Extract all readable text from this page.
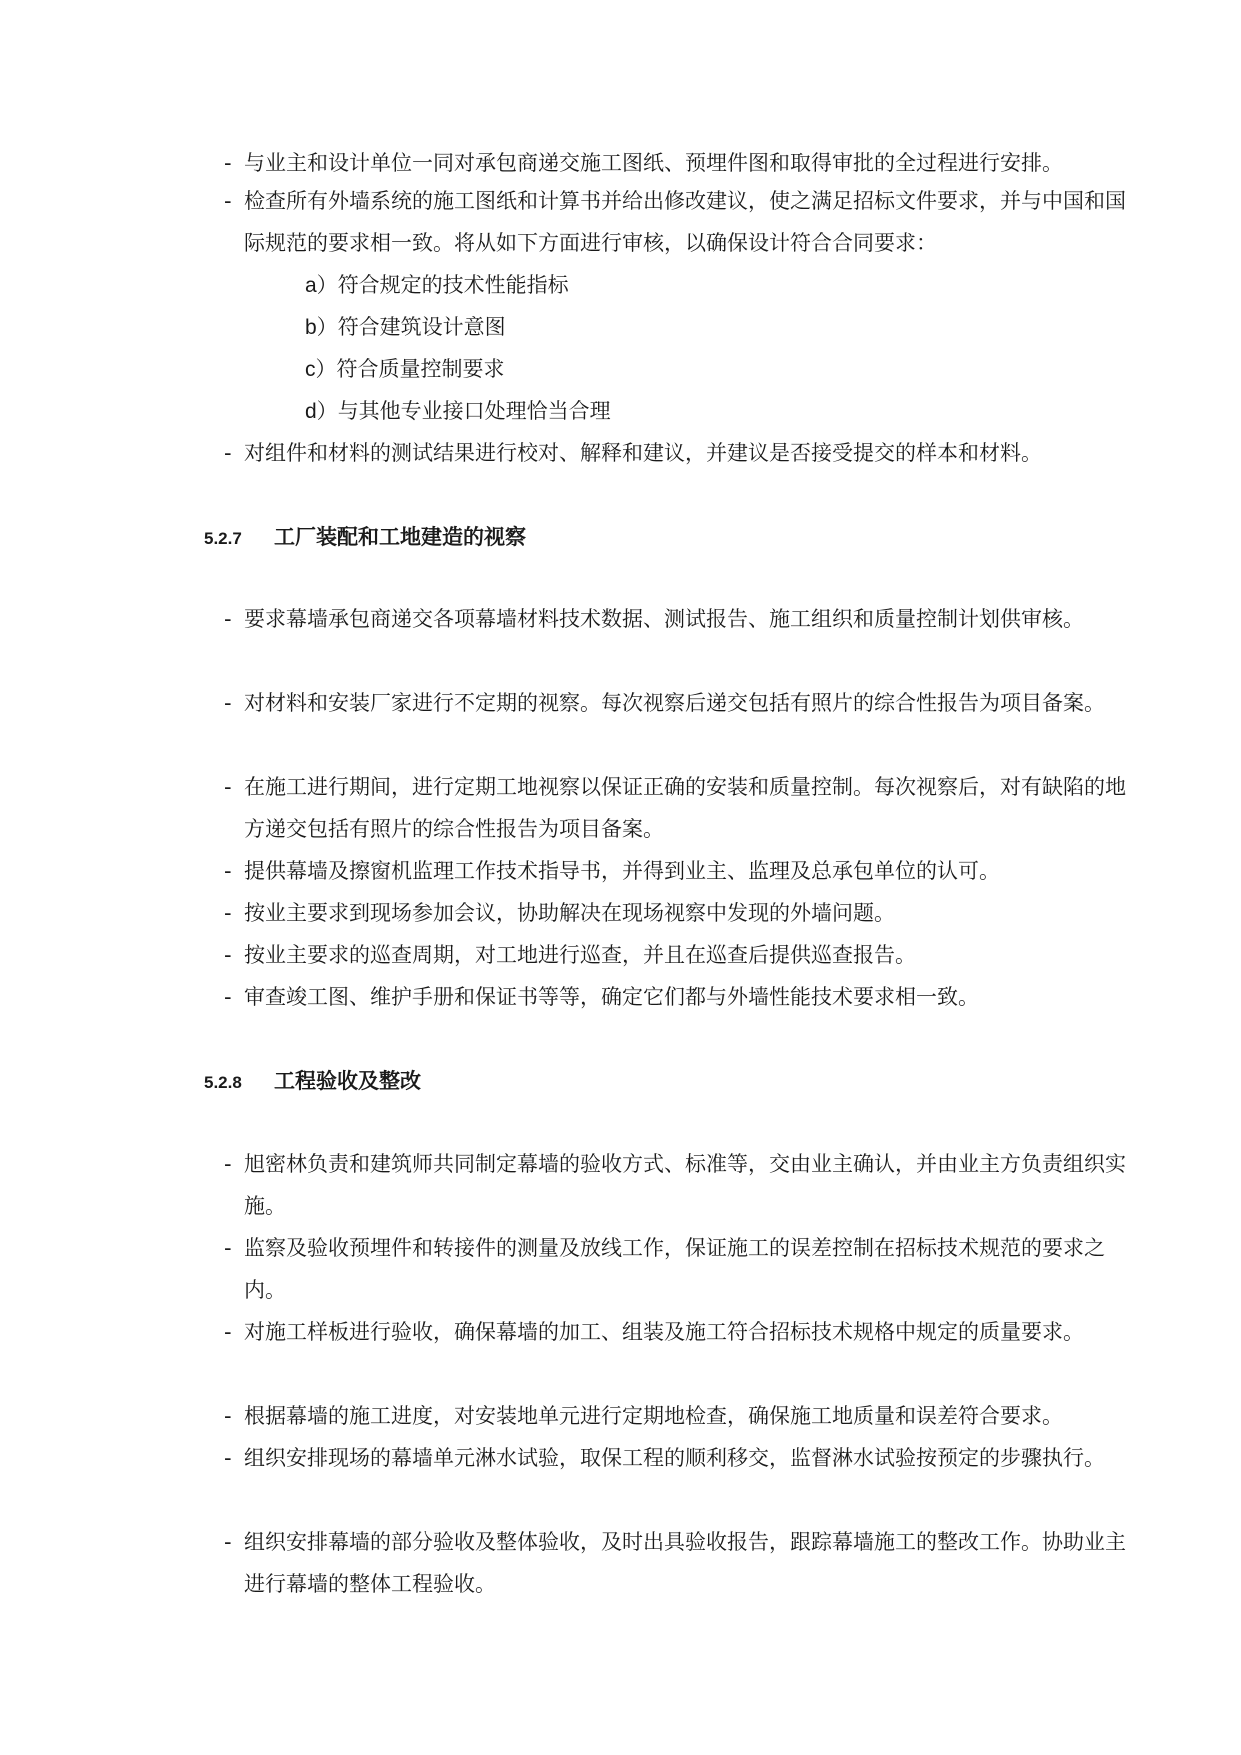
- 与业主和设计单位一同对承包商递交施工图纸、预埋件图和取得审批的全过程进行安排。
- 检查所有外墙系统的施工图纸和计算书并给出修改建议，使之满足招标文件要求，并与中国和国际规范的要求相一致。将从如下方面进行审核，以确保设计符合合同要求：
a）符合规定的技术性能指标
b）符合建筑设计意图
c）符合质量控制要求
d）与其他专业接口处理恰当合理
- 对组件和材料的测试结果进行校对、解释和建议，并建议是否接受提交的样本和材料。
5.2.7 工厂装配和工地建造的视察
- 要求幕墙承包商递交各项幕墙材料技术数据、测试报告、施工组织和质量控制计划供审核。
- 对材料和安装厂家进行不定期的视察。每次视察后递交包括有照片的综合性报告为项目备案。
- 在施工进行期间，进行定期工地视察以保证正确的安装和质量控制。每次视察后，对有缺陷的地方递交包括有照片的综合性报告为项目备案。
- 提供幕墙及擦窗机监理工作技术指导书，并得到业主、监理及总承包单位的认可。
- 按业主要求到现场参加会议，协助解决在现场视察中发现的外墙问题。
- 按业主要求的巡查周期，对工地进行巡查，并且在巡查后提供巡查报告。
- 审查竣工图、维护手册和保证书等等，确定它们都与外墙性能技术要求相一致。
5.2.8 工程验收及整改
- 旭密林负责和建筑师共同制定幕墙的验收方式、标准等，交由业主确认，并由业主方负责组织实施。
- 监察及验收预埋件和转接件的测量及放线工作，保证施工的误差控制在招标技术规范的要求之内。
- 对施工样板进行验收，确保幕墙的加工、组装及施工符合招标技术规格中规定的质量要求。
- 根据幕墙的施工进度，对安装地单元进行定期地检查，确保施工地质量和误差符合要求。
- 组织安排现场的幕墙单元淋水试验，取保工程的顺利移交，监督淋水试验按预定的步骤执行。
- 组织安排幕墙的部分验收及整体验收，及时出具验收报告，跟踪幕墙施工的整改工作。协助业主进行幕墙的整体工程验收。
